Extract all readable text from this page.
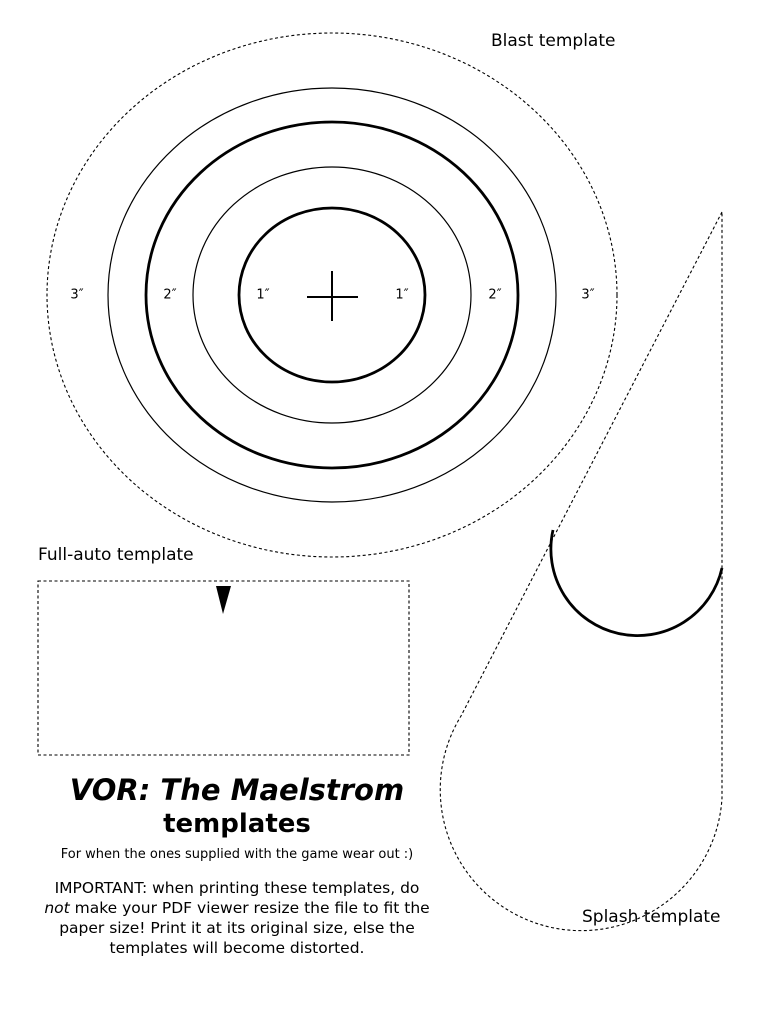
Blast template
Full-auto template
Splash template
3″	2″	1″	1″	2″	3″

VOR: The Maelstrom

templates

For when the ones supplied with the game wear out :)

IMPORTANT: when printing these templates, do
not make your PDF viewer resize the file to fit the paper size! Print it at its original size, else the templates will become distorted.
